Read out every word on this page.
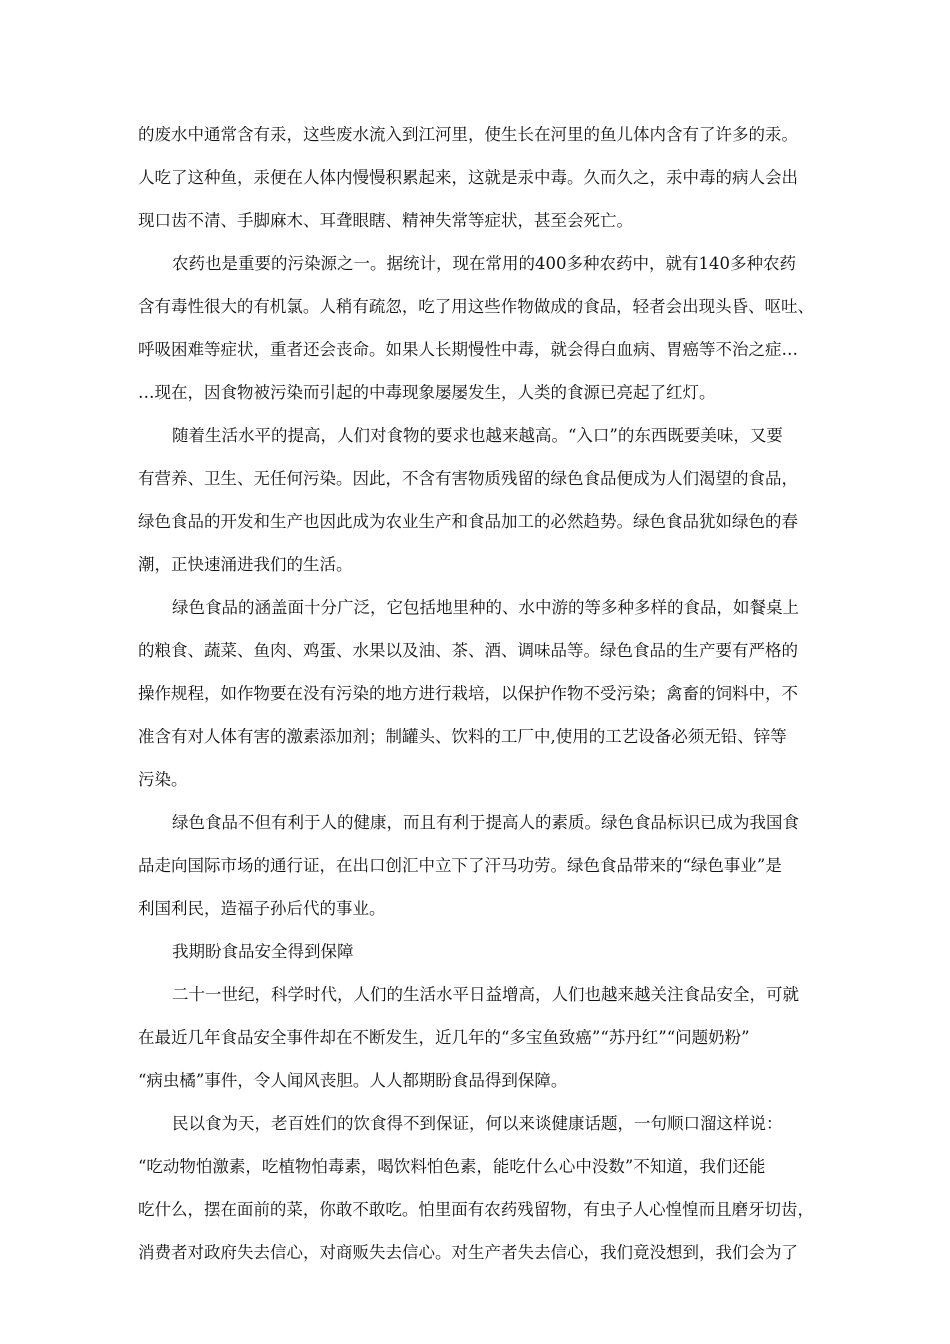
的废水中通常含有汞，这些废水流入到江河里，使生长在河里的鱼儿体内含有了许多的汞。
人吃了这种鱼，汞便在人体内慢慢积累起来，这就是汞中毒。久而久之，汞中毒的病人会出
现口齿不清、手脚麻木、耳聋眼瞎、精神失常等症状，甚至会死亡。
农药也是重要的污染源之一。据统计，现在常用的400多种农药中，就有140多种农药
含有毒性很大的有机氯。人稍有疏忽，吃了用这些作物做成的食品，轻者会出现头昏、呕吐、
呼吸困难等症状，重者还会丧命。如果人长期慢性中毒，就会得白血病、胃癌等不治之症…
…现在，因食物被污染而引起的中毒现象屡屡发生，人类的食源已亮起了红灯。
随着生活水平的提高，人们对食物的要求也越来越高。“入口”的东西既要美味，又要
有营养、卫生、无任何污染。因此，不含有害物质残留的绿色食品便成为人们渴望的食品，
绿色食品的开发和生产也因此成为农业生产和食品加工的必然趋势。绿色食品犹如绿色的春
潮，正快速涌进我们的生活。
绿色食品的涵盖面十分广泛，它包括地里种的、水中游的等多种多样的食品，如餐桌上
的粮食、蔬菜、鱼肉、鸡蛋、水果以及油、茶、酒、调味品等。绿色食品的生产要有严格的
操作规程，如作物要在没有污染的地方进行栽培，以保护作物不受污染；禽畜的饲料中，不
准含有对人体有害的激素添加剂；制罐头、饮料的工厂中,使用的工艺设备必须无铅、锌等
污染。
绿色食品不但有利于人的健康，而且有利于提高人的素质。绿色食品标识已成为我国食
品走向国际市场的通行证，在出口创汇中立下了汗马功劳。绿色食品带来的“绿色事业”是
利国利民，造福子孙后代的事业。
我期盼食品安全得到保障
二十一世纪，科学时代，人们的生活水平日益增高，人们也越来越关注食品安全，可就
在最近几年食品安全事件却在不断发生，近几年的“多宝鱼致癌”“苏丹红”“问题奶粉”
“病虫橘”事件，令人闻风丧胆。人人都期盼食品得到保障。
民以食为天，老百姓们的饮食得不到保证，何以来谈健康话题，一句顺口溜这样说：
“吃动物怕激素，吃植物怕毒素，喝饮料怕色素，能吃什么心中没数”不知道，我们还能
吃什么，摆在面前的菜，你敢不敢吃。怕里面有农药残留物，有虫子人心惶惶而且磨牙切齿，
消费者对政府失去信心，对商贩失去信心。对生产者失去信心，我们竟没想到，我们会为了
